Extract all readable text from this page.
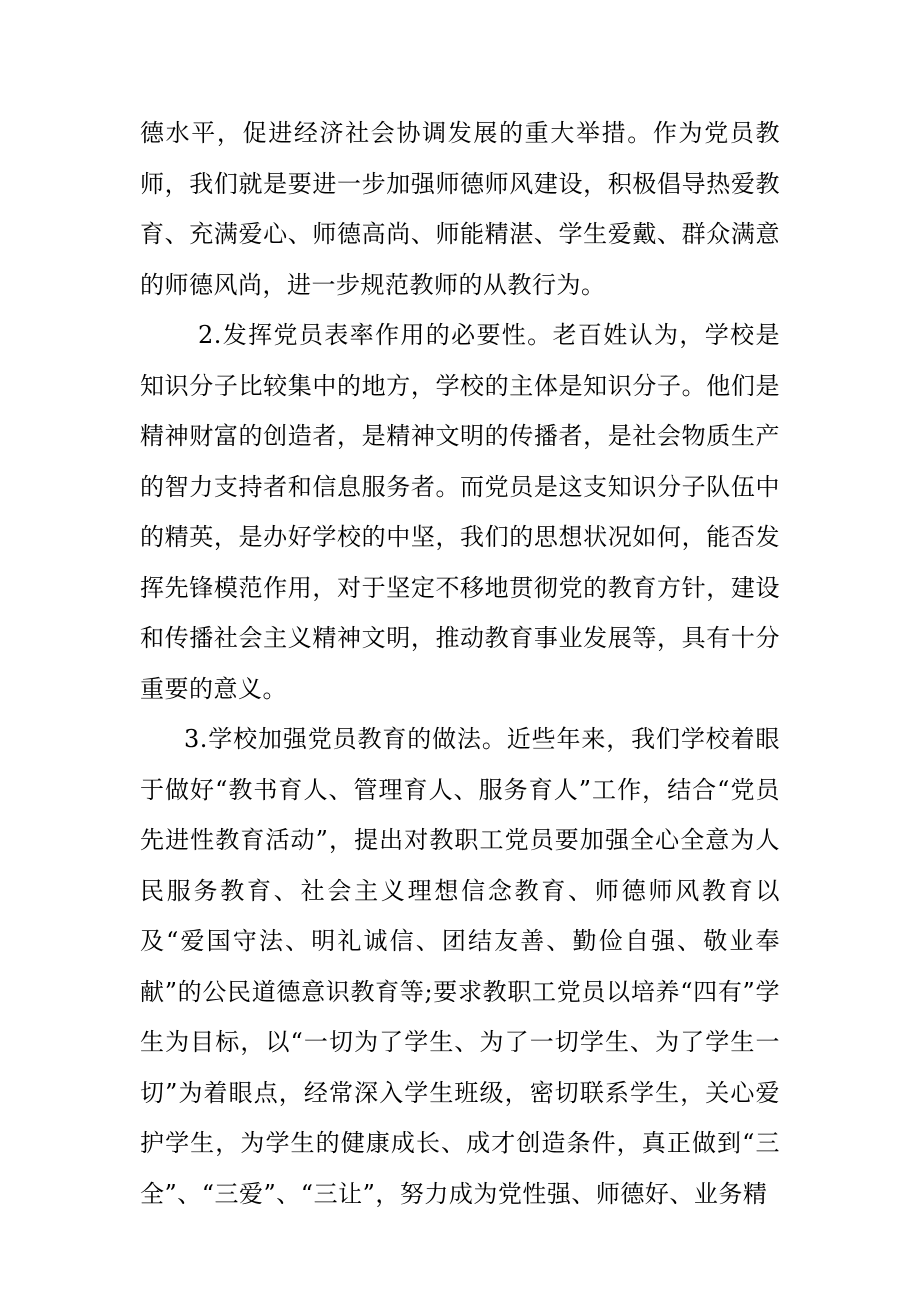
德水平，促进经济社会协调发展的重大举措。作为党员教师，我们就是要进一步加强师德师风建设，积极倡导热爱教育、充满爱心、师德高尚、师能精湛、学生爱戴、群众满意的师德风尚，进一步规范教师的从教行为。

2.发挥党员表率作用的必要性。老百姓认为，学校是知识分子比较集中的地方，学校的主体是知识分子。他们是精神财富的创造者，是精神文明的传播者，是社会物质生产的智力支持者和信息服务者。而党员是这支知识分子队伍中的精英，是办好学校的中坚，我们的思想状况如何，能否发挥先锋模范作用，对于坚定不移地贯彻党的教育方针，建设和传播社会主义精神文明，推动教育事业发展等，具有十分重要的意义。

3.学校加强党员教育的做法。近些年来，我们学校着眼于做好“教书育人、管理育人、服务育人”工作，结合“党员先进性教育活动”，提出对教职工党员要加强全心全意为人民服务教育、社会主义理想信念教育、师德师风教育以及“爱国守法、明礼诚信、团结友善、勤俭自强、敬业奉献”的公民道德意识教育等;要求教职工党员以培养“四有”学生为目标，以“一切为了学生、为了一切学生、为了学生一切”为着眼点，经常深入学生班级，密切联系学生，关心爱护学生，为学生的健康成长、成才创造条件，真正做到“三全”、“三爱”、“三让”，努力成为党性强、师德好、业务精
